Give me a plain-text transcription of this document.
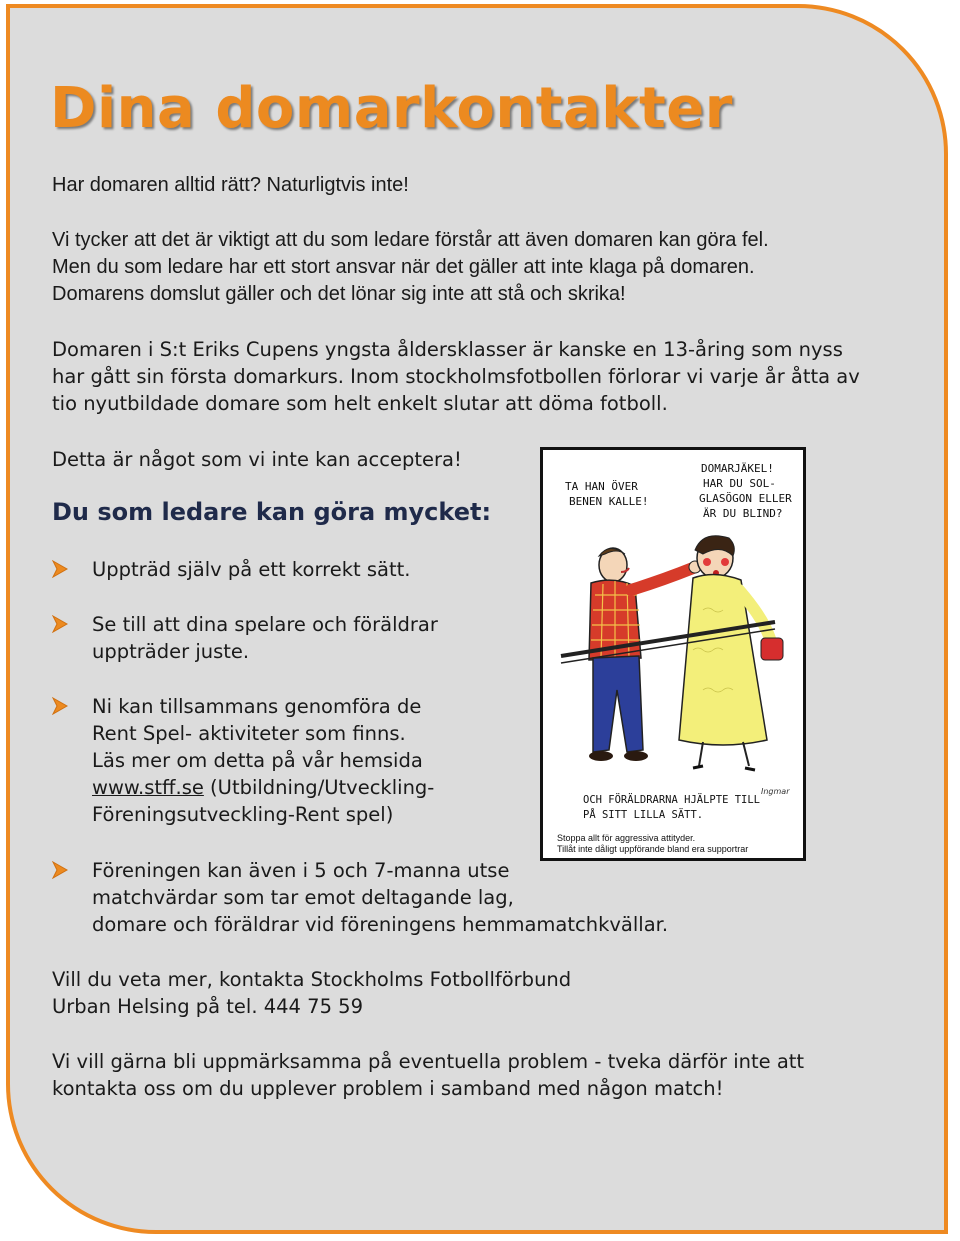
Dina domarkontakter

Har domaren alltid rätt? Naturligtvis inte!

Vi tycker att det är viktigt att du som ledare förstår att även domaren kan göra fel.
Men du som ledare har ett stort ansvar när det gäller att inte klaga på domaren.
Domarens domslut gäller och det lönar sig inte att stå och skrika!

Domaren i S:t Eriks Cupens yngsta åldersklasser är kanske en 13-åring som nyss
har gått sin första domarkurs. Inom stockholmsfotbollen förlorar vi varje år åtta av
tio nyutbildade domare som helt enkelt slutar att döma fotboll.

Detta är något som vi inte kan acceptera!

Du som ledare kan göra mycket:
Uppträd själv på ett korrekt sätt.
Se till att dina spelare och föräldrar
uppträder juste.
Ni kan tillsammans genomföra de
Rent Spel- aktiviteter som finns.
Läs mer om detta på vår hemsida
www.stff.se (Utbildning/Utveckling-
Föreningsutveckling-Rent spel)
Föreningen kan även i 5 och 7-manna utse
matchvärdar som tar emot deltagande lag,
domare och föräldrar vid föreningens hemmamatchkvällar.

Vill du veta mer, kontakta Stockholms Fotbollförbund
Urban Helsing på tel. 444 75 59

Vi vill gärna bli uppmärksamma på eventuella problem - tveka därför inte att
kontakta oss om du upplever problem i samband med någon match!

TA HAN ÖVER
BENEN KALLE!
DOMARJÄKEL!
HAR DU SOL-
GLASÖGON ELLER
ÄR DU BLIND?
Ingmar
OCH FÖRÄLDRARNA HJÄLPTE TILL
PÅ SITT LILLA SÄTT.
Stoppa allt för aggressiva attityder.
Tillåt inte dåligt uppförande bland era supportrar
